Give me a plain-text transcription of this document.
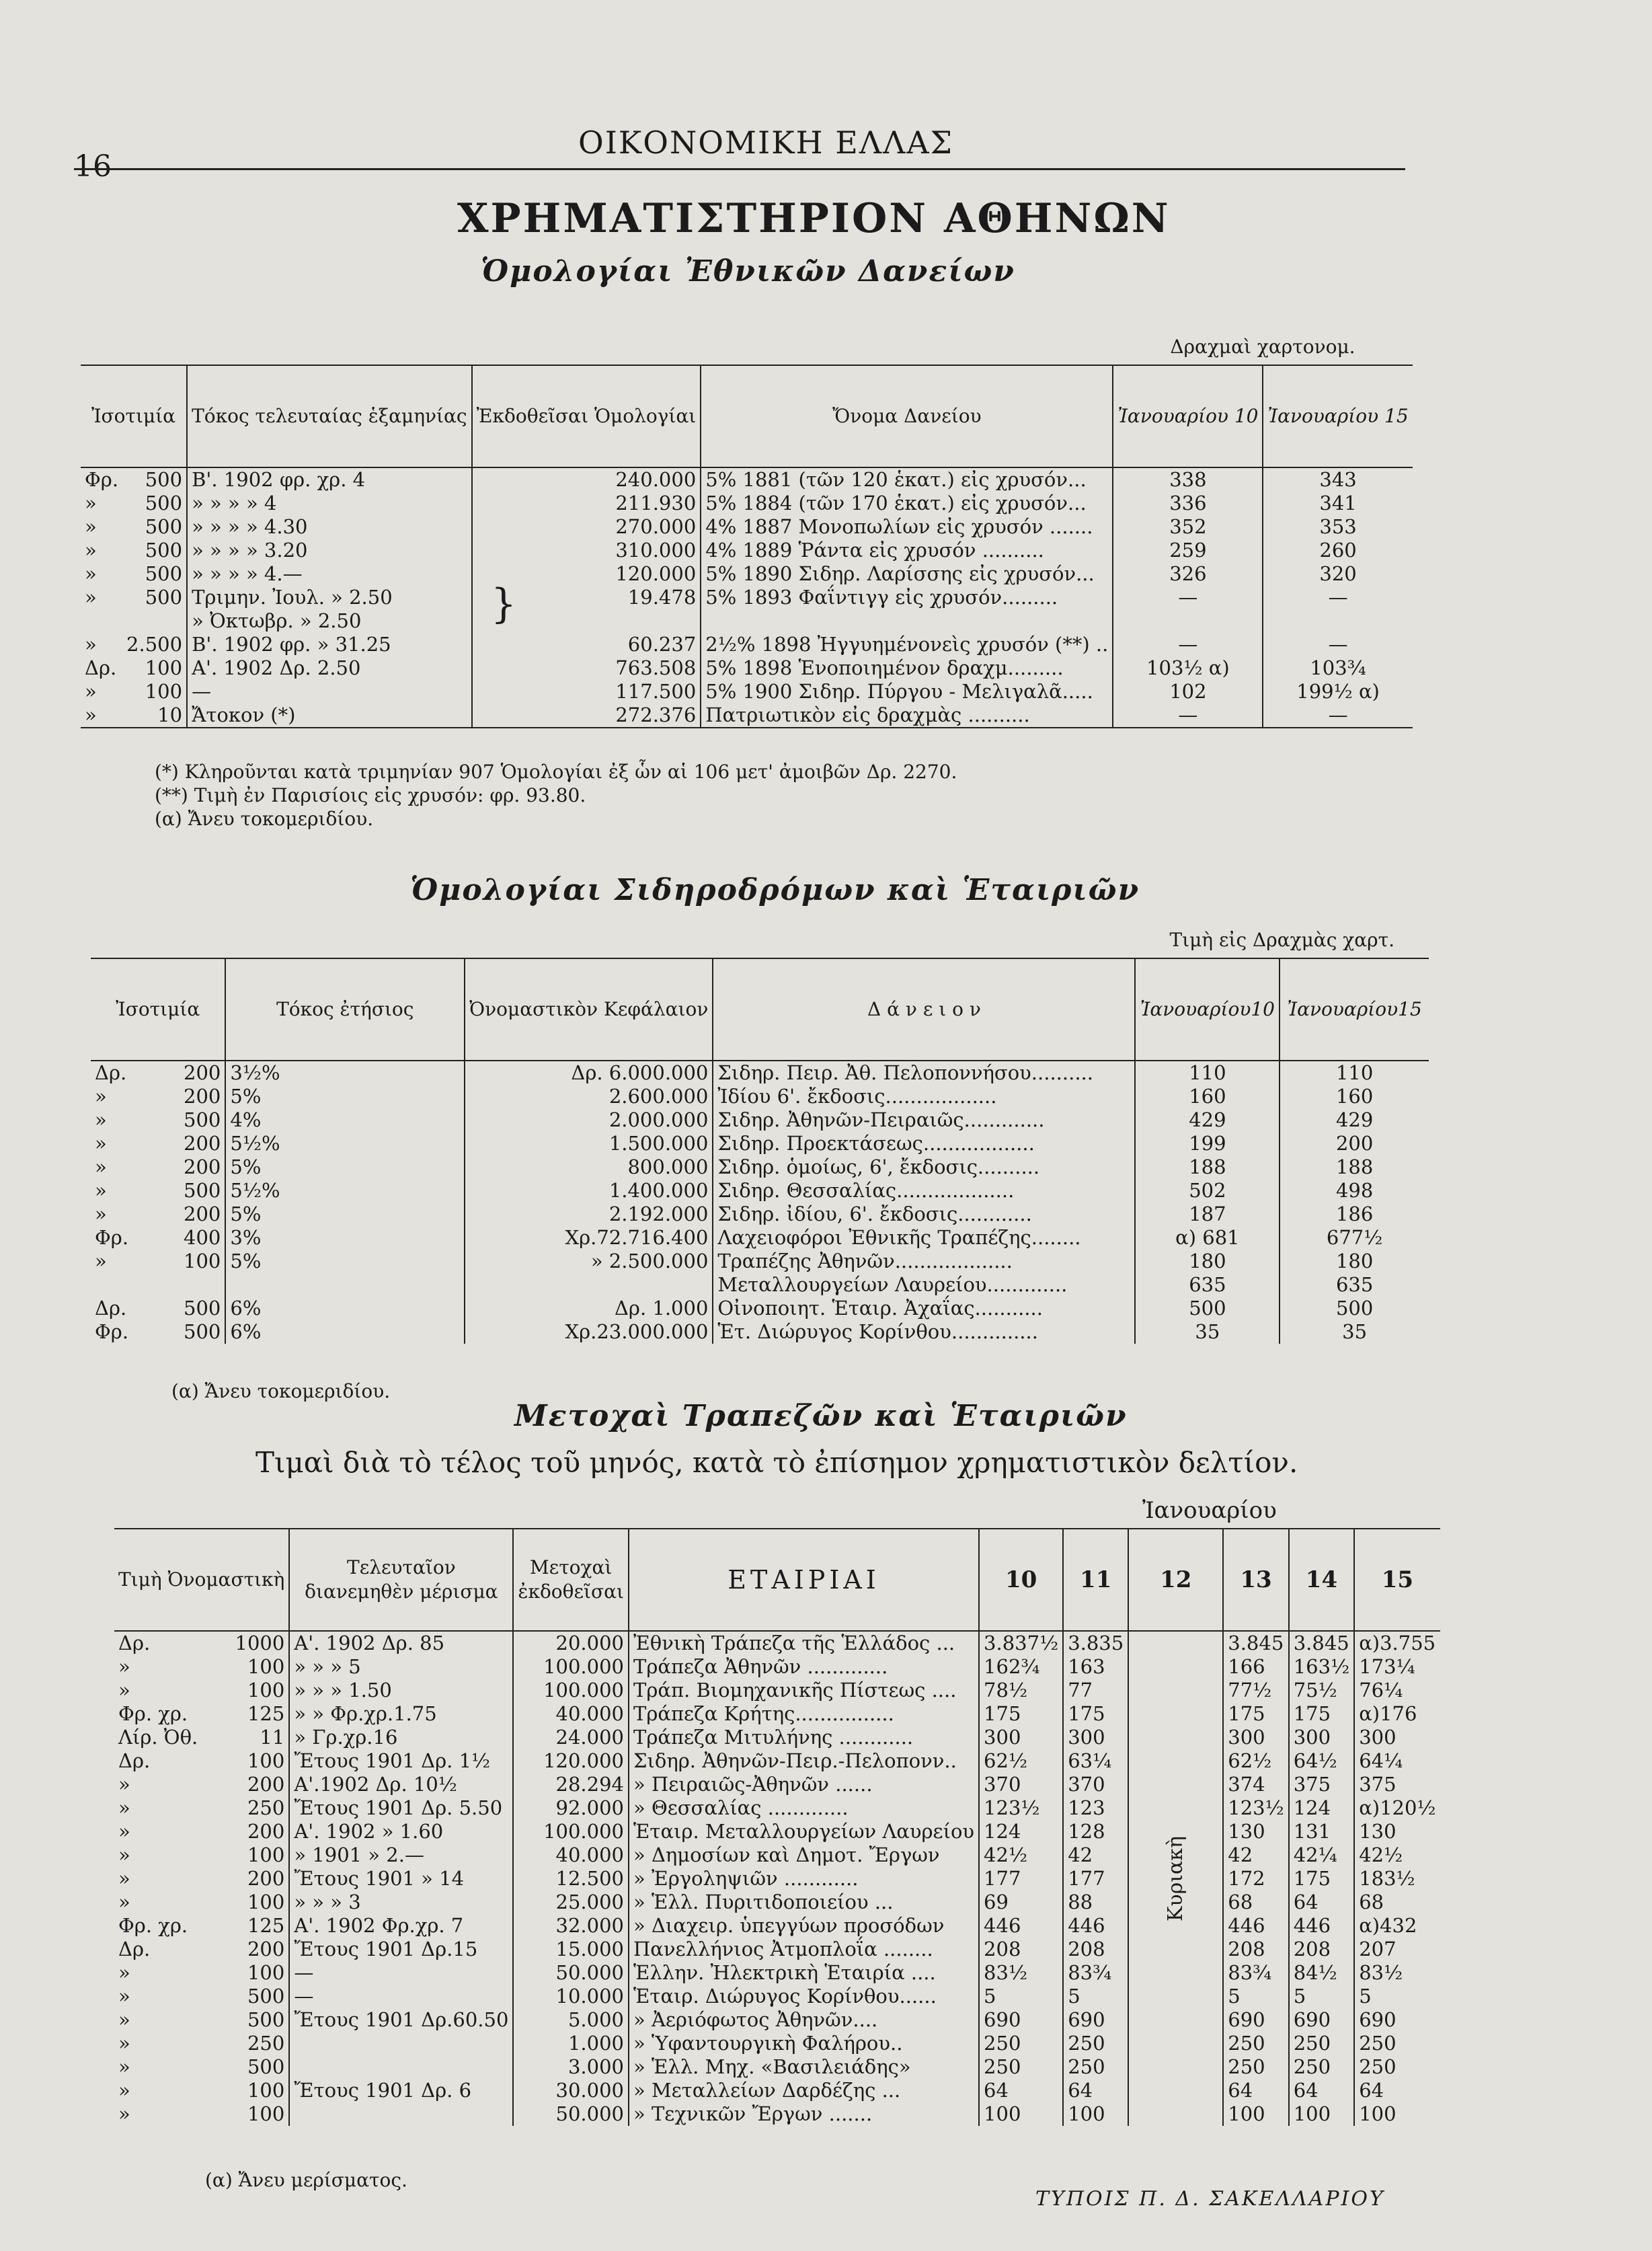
16
ΟΙΚΟΝΟΜΙΚΗ ΕΛΛΑΣ
ΧΡΗΜΑΤΙΣΤΗΡΙΟΝ ΑΘΗΝΩΝ
Ὁμολογίαι Ἐθνικῶν Δανείων
					Δραχμαὶ χαρτονομ.	
Ἰσοτιμία		Τόκος τελευταίας ἑξαμηνίας	Ἐκδοθεῖσαι Ὁμολογίαι	Ὄνομα Δανείου	Ἰανουαρίου 10	Ἰανουαρίου 15
Φρ.	500	Β'. 1902 φρ. χρ. 4	240.000	5% 1881 (τῶν 120 ἑκατ.) εἰς χρυσόν...	338	343
»	500	» » » » 4	211.930	5% 1884 (τῶν 170 ἑκατ.) εἰς χρυσόν...	336	341
»	500	» » » » 4.30	270.000	4% 1887 Μονοπωλίων εἰς χρυσόν .......	352	353
»	500	» » » » 3.20	310.000	4% 1889 Ῥάντα εἰς χρυσόν ..........	259	260
»	500	» » » » 4.—	120.000	5% 1890 Σιδηρ. Λαρίσσης εἰς χρυσόν...	326	320
»	500	Τριμην. Ἰουλ. » 2.50	19.478	5% 1893 Φαΐντιγγ εἰς χρυσόν.........	—	—
		» Ὀκτωβρ. » 2.50				
»	2.500	Β'. 1902 φρ. » 31.25	60.237	2½% 1898 Ἠγγυημένονεὶς χρυσόν (**) ..	—	—
Δρ.	100	Α'. 1902 Δρ. 2.50	763.508	5% 1898 Ἑνοποιημένον δραχμ.........	103½ α)	103¾
»	100	—	117.500	5% 1900 Σιδηρ. Πύργου - Μελιγαλᾶ.....	102	199½ α)
»	10	Ἄτοκον (*)	272.376	Πατριωτικὸν εἰς δραχμὰς ..........	—	—

}
(*) Κληροῦνται κατὰ τριμηνίαν 907 Ὁμολογίαι ἐξ ὧν αἱ 106 μετ' ἀμοιβῶν Δρ. 2270.
(**) Τιμὴ ἐν Παρισίοις εἰς χρυσόν: φρ. 93.80.
(α) Ἄνευ τοκομεριδίου.
Ὁμολογίαι Σιδηροδρόμων καὶ Ἑταιριῶν
					Τιμὴ εἰς Δραχμὰς χαρτ.	
Ἰσοτιμία		Τόκος ἐτήσιος	Ὀνομαστικὸν Κεφάλαιον	Δ ά ν ε ι ο ν	Ἰανουαρίου10	Ἰανουαρίου15
Δρ.	200	3½%	Δρ. 6.000.000	Σιδηρ. Πειρ. Ἀθ. Πελοποννήσου..........	110	110
»	200	5%	2.600.000	Ἰδίου 6'. ἔκδοσις..................	160	160
»	500	4%	2.000.000	Σιδηρ. Ἀθηνῶν-Πειραιῶς.............	429	429
»	200	5½%	1.500.000	Σιδηρ. Προεκτάσεως..................	199	200
»	200	5%	800.000	Σιδηρ. ὁμοίως, 6', ἔκδοσις..........	188	188
»	500	5½%	1.400.000	Σιδηρ. Θεσσαλίας...................	502	498
»	200	5%	2.192.000	Σιδηρ. ἰδίου, 6'. ἔκδοσις............	187	186
Φρ.	400	3%	Χρ.72.716.400	Λαχειοφόροι Ἐθνικῆς Τραπέζης........	α) 681	677½
»	100	5%	» 2.500.000	Τραπέζης Ἀθηνῶν...................	180	180
				Μεταλλουργείων Λαυρείου.............	635	635
Δρ.	500	6%	Δρ. 1.000	Οἰνοποιητ. Ἑταιρ. Ἀχαΐας...........	500	500
Φρ.	500	6%	Χρ.23.000.000	Ἑτ. Διώρυγος Κορίνθου..............	35	35
(α) Ἄνευ τοκομεριδίου.
Μετοχαὶ Τραπεζῶν καὶ Ἑταιριῶν
Τιμαὶ διὰ τὸ τέλος τοῦ μηνός, κατὰ τὸ ἐπίσημον χρηματιστικὸν δελτίον.
					Ἰανουαρίου					
Τιμὴ Ὀνομαστικὴ		Τελευταῖον διανεμηθὲν μέρισμα	Μετοχαὶ ἐκδοθεῖσαι	ΕΤΑΙΡΙΑΙ	10	11	12	13	14	15
Δρ.	1000	Α'. 1902 Δρ. 85	20.000	Ἐθνικὴ Τράπεζα τῆς Ἑλλάδος ...	3.837½	3.835	Κυριακὴ	3.845	3.845	α)3.755
»	100	» » » 5	100.000	Τράπεζα Ἀθηνῶν .............	162¾	163		166	163½	173¼
»	100	» » » 1.50	100.000	Τράπ. Βιομηχανικῆς Πίστεως ....	78½	77		77½	75½	76¼
Φρ. χρ.	125	» » Φρ.χρ.1.75	40.000	Τράπεζα Κρήτης................	175	175		175	175	α)176
Λίρ. Ὀθ.	11	» Γρ.χρ.16	24.000	Τράπεζα Μιτυλήνης ............	300	300		300	300	300
Δρ.	100	Ἔτους 1901 Δρ. 1½	120.000	Σιδηρ. Ἀθηνῶν-Πειρ.-Πελοπονν..	62½	63¼		62½	64½	64¼
»	200	Α'.1902 Δρ. 10½	28.294	» Πειραιῶς-Ἀθηνῶν ......	370	370		374	375	375
»	250	Ἔτους 1901 Δρ. 5.50	92.000	» Θεσσαλίας .............	123½	123		123½	124	α)120½
»	200	Α'. 1902 » 1.60	100.000	Ἑταιρ. Μεταλλουργείων Λαυρείου	124	128		130	131	130
»	100	» 1901 » 2.—	40.000	» Δημοσίων καὶ Δημοτ. Ἔργων	42½	42		42	42¼	42½
»	200	Ἔτους 1901 » 14	12.500	» Ἐργοληψιῶν ............	177	177		172	175	183½
»	100	» » » 3	25.000	» Ἑλλ. Πυριτιδοποιείου ...	69	88		68	64	68
Φρ. χρ.	125	Α'. 1902 Φρ.χρ. 7	32.000	» Διαχειρ. ὑπεγγύων προσόδων	446	446		446	446	α)432
Δρ.	200	Ἔτους 1901 Δρ.15	15.000	Πανελλήνιος Ἀτμοπλοΐα ........	208	208		208	208	207
»	100	—	50.000	Ἑλλην. Ἠλεκτρικὴ Ἑταιρία ....	83½	83¾		83¾	84½	83½
»	500	—	10.000	Ἑταιρ. Διώρυγος Κορίνθου......	5	5		5	5	5
»	500	Ἔτους 1901 Δρ.60.50	5.000	» Ἀεριόφωτος Ἀθηνῶν....	690	690		690	690	690
»	250		1.000	» Ὑφαντουργικὴ Φαλήρου..	250	250		250	250	250
»	500		3.000	» Ἑλλ. Μηχ. «Βασιλειάδης»	250	250		250	250	250
»	100	Ἔτους 1901 Δρ. 6	30.000	» Μεταλλείων Δαρδέζης ...	64	64		64	64	64
»	100		50.000	» Τεχνικῶν Ἔργων .......	100	100		100	100	100
(α) Ἄνευ μερίσματος.
ΤΥΠΟΙΣ Π. Δ. ΣΑΚΕΛΛΑΡΙΟΥ
